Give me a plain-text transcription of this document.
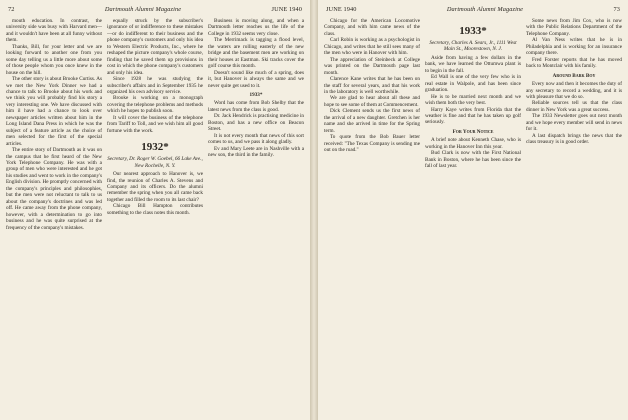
72	Dartmouth Alumni Magazine	JUNE 1940

mouth education. In contrast, the university side was busy with Harvard men—and it wouldn't have been at all funny without them.

Thanks, Bill, for your letter and we are looking forward to another one from you some day telling us a little more about some of those people whom you once knew in the house on the hill.

The other story is about Brooke Curtiss. As we met the New York Dinner we had a chance to talk to Brooke about his work and we think you will probably find his story a very interesting one. We have discussed with him il have had a chance to look over newspaper articles written about him in the Long Island Dana Press in which he was the subject of a feature article as the choice of men selected for the first of the special articles.

The entire story of Dartmouth as it was on the campus that he first heard of the New York Telephone Company. He was with a group of men who were interested and he got his studies and went to work in the company's English division. He promptly concerned with the company's principles and philosophies, but the men were not reluctant to talk to us about the company's doctrines and was led off. He came away from the phone company, however, with a determination to go into business and he was quite surprised at the frequency of the company's mistakes.

equally struck by the subscriber's ignorance of or indifference to these mistakes—or do indifferent to their business and the phone company's customers and only his idea to Western Electric Products, Inc., where he reshaped the picture company's whole course, finding that he saved them up provisions in cost in which the phone company's customers and only his idea.

Since 1928 he was studying the subscriber's affairs and in September 1935 he organized his own advisory service.

Brooke is working on a monograph covering the telephone problems and methods which he hopes to publish soon.

It will cover the business of the telephone from Tariff to Toll, and we wish him all good fortune with the work.

1932*

Secretary, Dr. Roger W. Goebel, 66 Lake Ave., New Rochelle, N. Y.

Our nearest approach to Hanover is, we find, the reunion of Charles A. Stevens and Company and its officers. Do the alumni remember the spring when you all came back together and filled the room to its last chair?

Chicago Bill Hampton contributes something to the class notes this month.

Business is moving along, and when a Dartmouth letter reaches us the life of the College in 1932 seems very close.

The Merrimack is tagging a flood level, the waters are rolling easterly of the new bridge and the basement men are working on their houses at Eastman. Ski tracks cover the golf course this month.

Doesn't sound like much of a spring, does it, but Hanover is always the same and we never quite get used to it.

1933*

Word has come from Bob Shelby that the latest news from the class is good.

Dr. Jack Hendrick is practising medicine in Boston, and has a new office on Beacon Street.

It is not every month that news of this sort comes to us, and we pass it along gladly.

Ev and Mary Leete are in Nashville with a new son, the third in the family.

JUNE 1940	Dartmouth Alumni Magazine	73

Chicago for the American Locomotive Company, and with him came news of the class.

Carl Robin is working as a psychologist in Chicago, and writes that he still sees many of the men who were in Hanover with him.

The appreciation of Steinbeck at College was printed on the Dartmouth page last month.

Clarence Kane writes that he has been on the staff for several years, and that his work in the laboratory is well worthwhile.

We are glad to hear about all these and hope to see some of them at Commencement.

Dick Clement sends us the first news of the arrival of a new daughter. Gretchen is her name and she arrived in time for the Spring term.

To quote from the Bob Bauer letter received: "The Texas Company is sending me out on the road."

1933*

Secretary, Charles A. Sears, Jr., 1111 West Main St., Moorestown, N. J.

Aside from having a few dollars in the bank, we have learned the Ottumwa plant is to begin in the fall.

Ed Wall is one of the very few who is in real estate in Walpole, and has been since graduation.

He is to be married next month and we wish them both the very best.

Harry Kaye writes from Florida that the weather is fine and that he has taken up golf seriously.

For Your Notice

A brief note about Kenneth Chase, who is working in the Hanover Inn this year.

Bud Clark is now with the First National Bank in Boston, where he has been since the fall of last year.

Some news from Jim Cox, who is now with the Public Relations Department of the Telephone Company.

Al Van Ness writes that he is in Philadelphia and is working for an insurance company there.

Fred Forster reports that he has moved back to Montclair with his family.

Around Bark Boy

Every now and then it becomes the duty of any secretary to record a wedding, and it is with pleasure that we do so.

Reliable sources tell us that the class dinner in New York was a great success.

The 1933 Newsletter goes out next month and we hope every member will send in news for it.

A last dispatch brings the news that the class treasury is in good order.
